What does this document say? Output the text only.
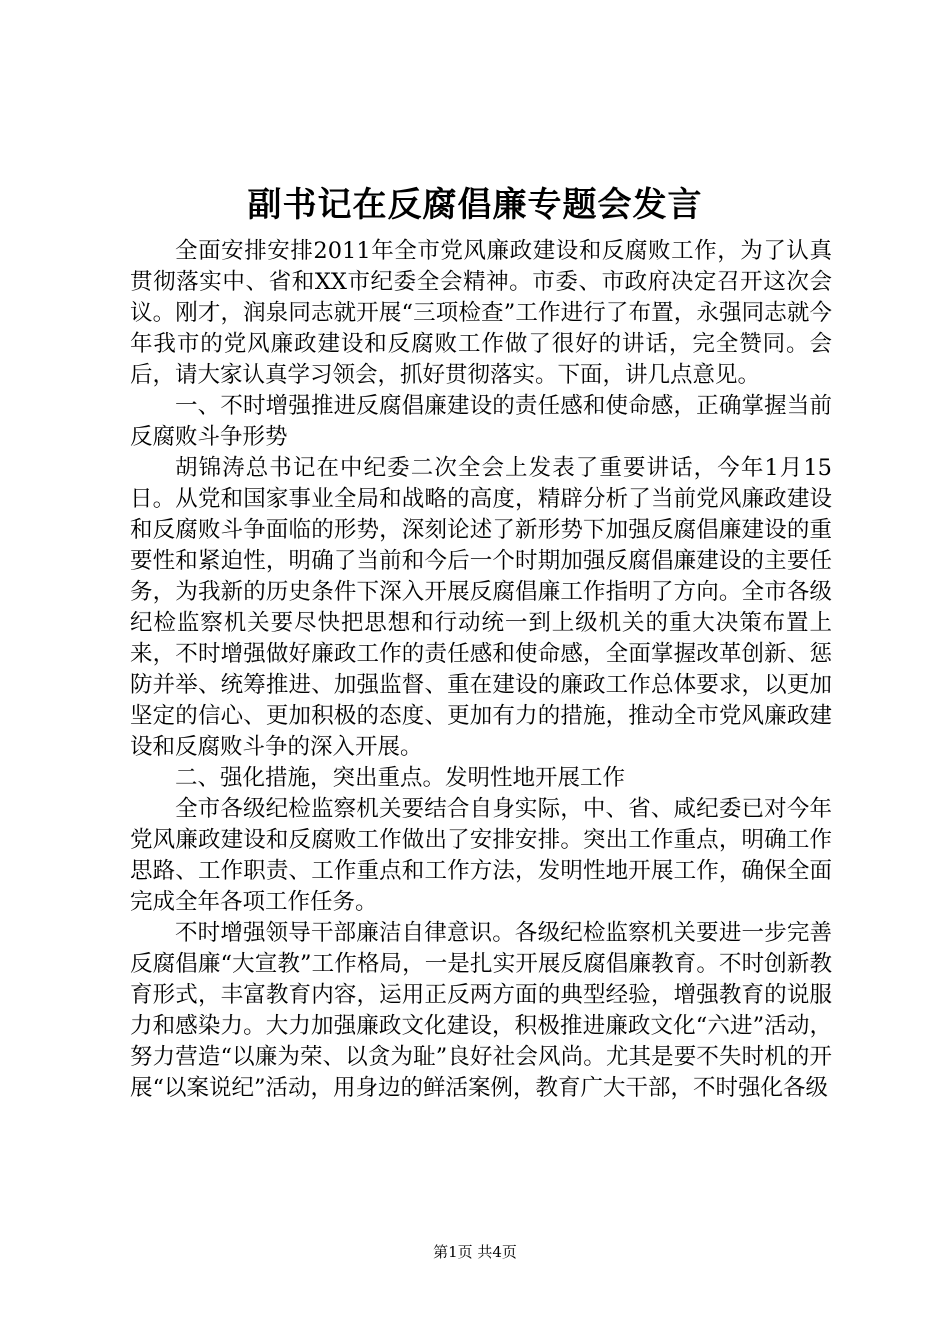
副书记在反腐倡廉专题会发言

全面安排安排2011年全市党风廉政建设和反腐败工作，为了认真贯彻落实中、省和XX市纪委全会精神。市委、市政府决定召开这次会议。刚才，润泉同志就开展“三项检查”工作进行了布置，永强同志就今年我市的党风廉政建设和反腐败工作做了很好的讲话，完全赞同。会后，请大家认真学习领会，抓好贯彻落实。下面，讲几点意见。

一、不时增强推进反腐倡廉建设的责任感和使命感，正确掌握当前反腐败斗争形势

胡锦涛总书记在中纪委二次全会上发表了重要讲话，今年1月15日。从党和国家事业全局和战略的高度，精辟分析了当前党风廉政建设和反腐败斗争面临的形势，深刻论述了新形势下加强反腐倡廉建设的重要性和紧迫性，明确了当前和今后一个时期加强反腐倡廉建设的主要任务，为我新的历史条件下深入开展反腐倡廉工作指明了方向。全市各级纪检监察机关要尽快把思想和行动统一到上级机关的重大决策布置上来，不时增强做好廉政工作的责任感和使命感，全面掌握改革创新、惩防并举、统筹推进、加强监督、重在建设的廉政工作总体要求，以更加坚定的信心、更加积极的态度、更加有力的措施，推动全市党风廉政建设和反腐败斗争的深入开展。

二、强化措施，突出重点。发明性地开展工作

全市各级纪检监察机关要结合自身实际，中、省、咸纪委已对今年党风廉政建设和反腐败工作做出了安排安排。突出工作重点，明确工作思路、工作职责、工作重点和工作方法，发明性地开展工作，确保全面完成全年各项工作任务。

不时增强领导干部廉洁自律意识。各级纪检监察机关要进一步完善反腐倡廉“大宣教”工作格局，一是扎实开展反腐倡廉教育。不时创新教育形式，丰富教育内容，运用正反两方面的典型经验，增强教育的说服力和感染力。大力加强廉政文化建设，积极推进廉政文化“六进”活动，努力营造“以廉为荣、以贪为耻”良好社会风尚。尤其是要不失时机的开展“以案说纪”活动，用身边的鲜活案例，教育广大干部，不时强化各级

第1页 共4页
